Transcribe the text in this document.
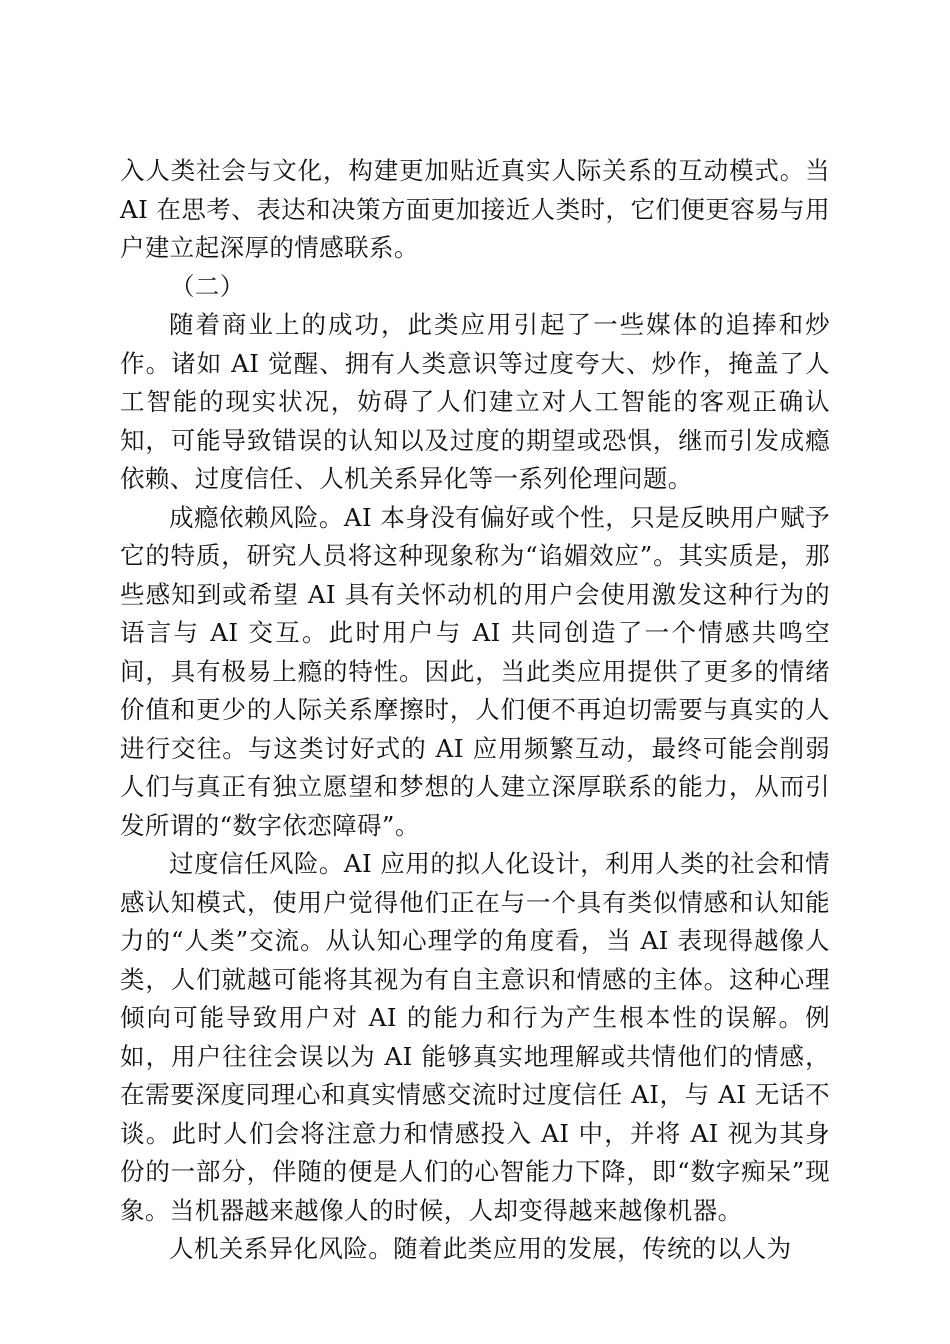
入人类社会与文化，构建更加贴近真实人际关系的互动模式。当 AI 在思考、表达和决策方面更加接近人类时，它们便更容易与用户建立起深厚的情感联系。

（二）

随着商业上的成功，此类应用引起了一些媒体的追捧和炒作。诸如 AI 觉醒、拥有人类意识等过度夸大、炒作，掩盖了人工智能的现实状况，妨碍了人们建立对人工智能的客观正确认知，可能导致错误的认知以及过度的期望或恐惧，继而引发成瘾依赖、过度信任、人机关系异化等一系列伦理问题。

成瘾依赖风险。AI 本身没有偏好或个性，只是反映用户赋予它的特质，研究人员将这种现象称为“谄媚效应”。其实质是，那些感知到或希望 AI 具有关怀动机的用户会使用激发这种行为的语言与 AI 交互。此时用户与 AI 共同创造了一个情感共鸣空间，具有极易上瘾的特性。因此，当此类应用提供了更多的情绪价值和更少的人际关系摩擦时，人们便不再迫切需要与真实的人进行交往。与这类讨好式的 AI 应用频繁互动，最终可能会削弱人们与真正有独立愿望和梦想的人建立深厚联系的能力，从而引发所谓的“数字依恋障碍”。

过度信任风险。AI 应用的拟人化设计，利用人类的社会和情感认知模式，使用户觉得他们正在与一个具有类似情感和认知能力的“人类”交流。从认知心理学的角度看，当 AI 表现得越像人类，人们就越可能将其视为有自主意识和情感的主体。这种心理倾向可能导致用户对 AI 的能力和行为产生根本性的误解。例如，用户往往会误以为 AI 能够真实地理解或共情他们的情感，在需要深度同理心和真实情感交流时过度信任 AI，与 AI 无话不谈。此时人们会将注意力和情感投入 AI 中，并将 AI 视为其身份的一部分，伴随的便是人们的心智能力下降，即“数字痴呆”现象。当机器越来越像人的时候，人却变得越来越像机器。

人机关系异化风险。随着此类应用的发展，传统的以人为
